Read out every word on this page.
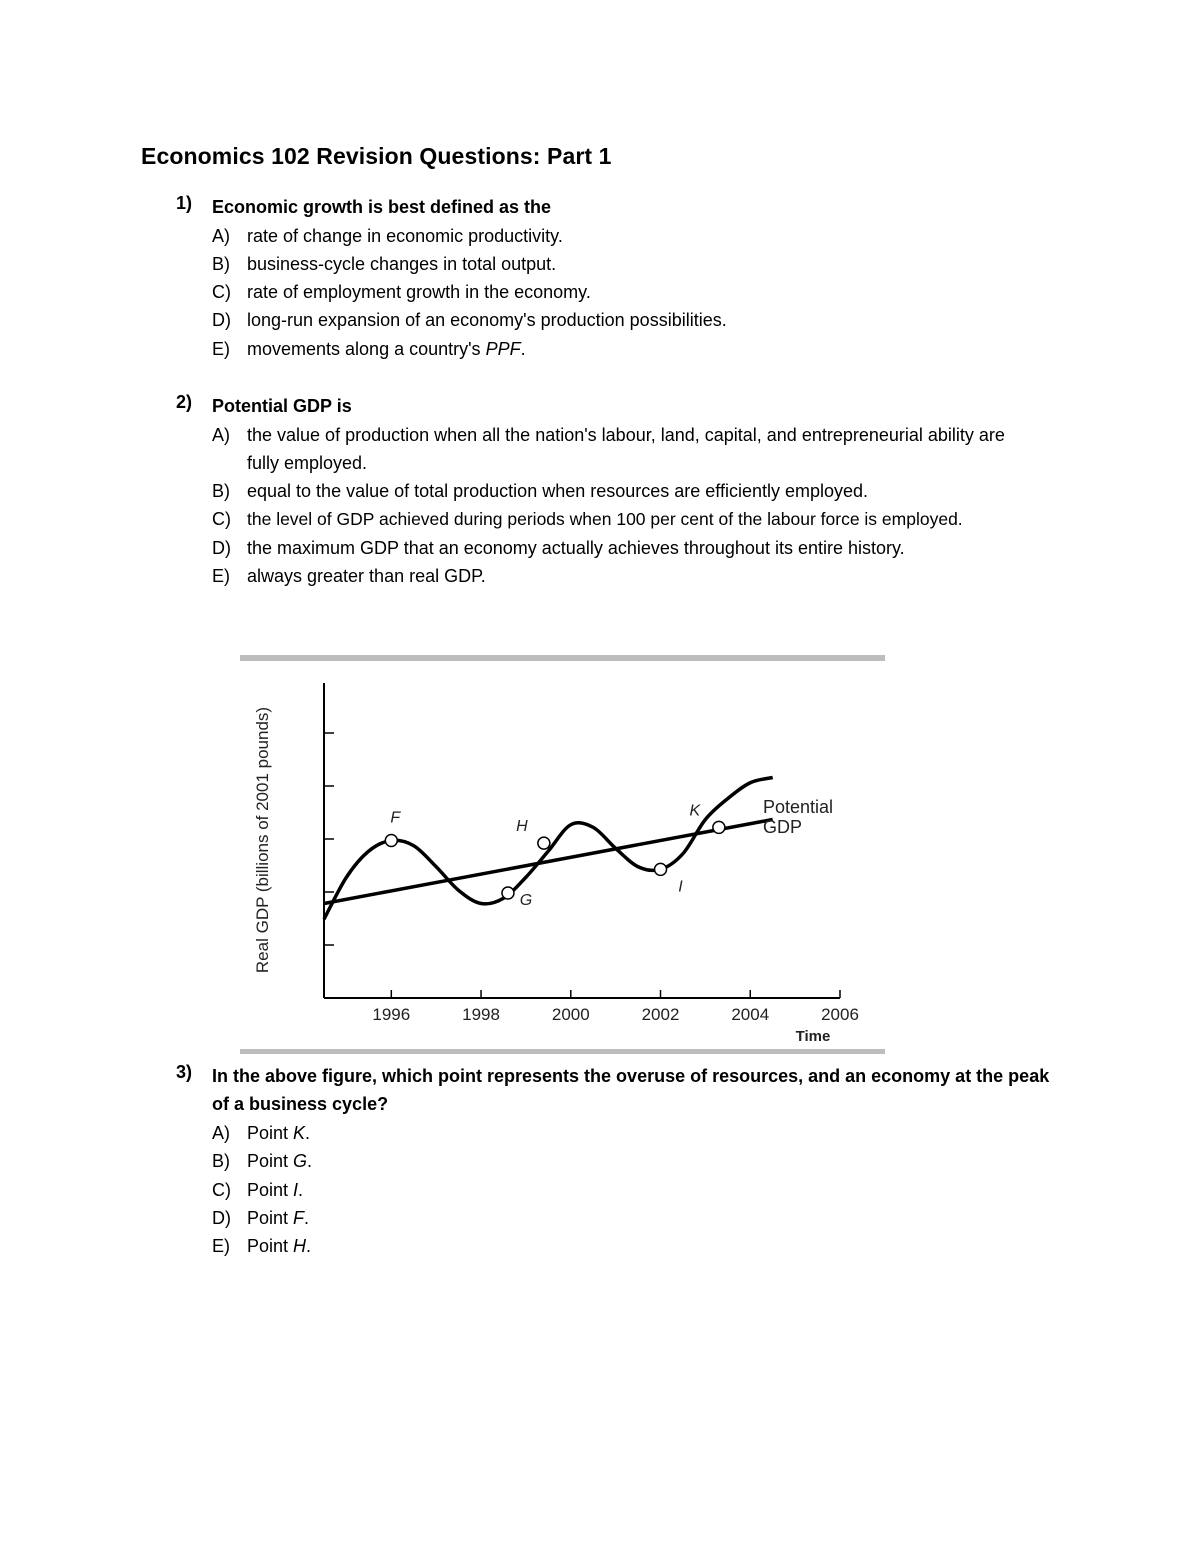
Economics 102 Revision Questions: Part 1
1) Economic growth is best defined as the
A) rate of change in economic productivity.
B) business-cycle changes in total output.
C) rate of employment growth in the economy.
D) long-run expansion of an economy's production possibilities.
E) movements along a country's PPF.
2) Potential GDP is
A) the value of production when all the nation's labour, land, capital, and entrepreneurial ability are fully employed.
B) equal to the value of total production when resources are efficiently employed.
C) the level of GDP achieved during periods when 100 per cent of the labour force is employed.
D) the maximum GDP that an economy actually achieves throughout its entire history.
E) always greater than real GDP.
1996	1998	2000	2002	2004	2006
Real GDP (billions of 2001 pounds)
Time
F
G
H
I
K	Potential
GDP
3) In the above figure, which point represents the overuse of resources, and an economy at the peak of a business cycle?
A) Point K.
B) Point G.
C) Point I.
D) Point F.
E) Point H.
